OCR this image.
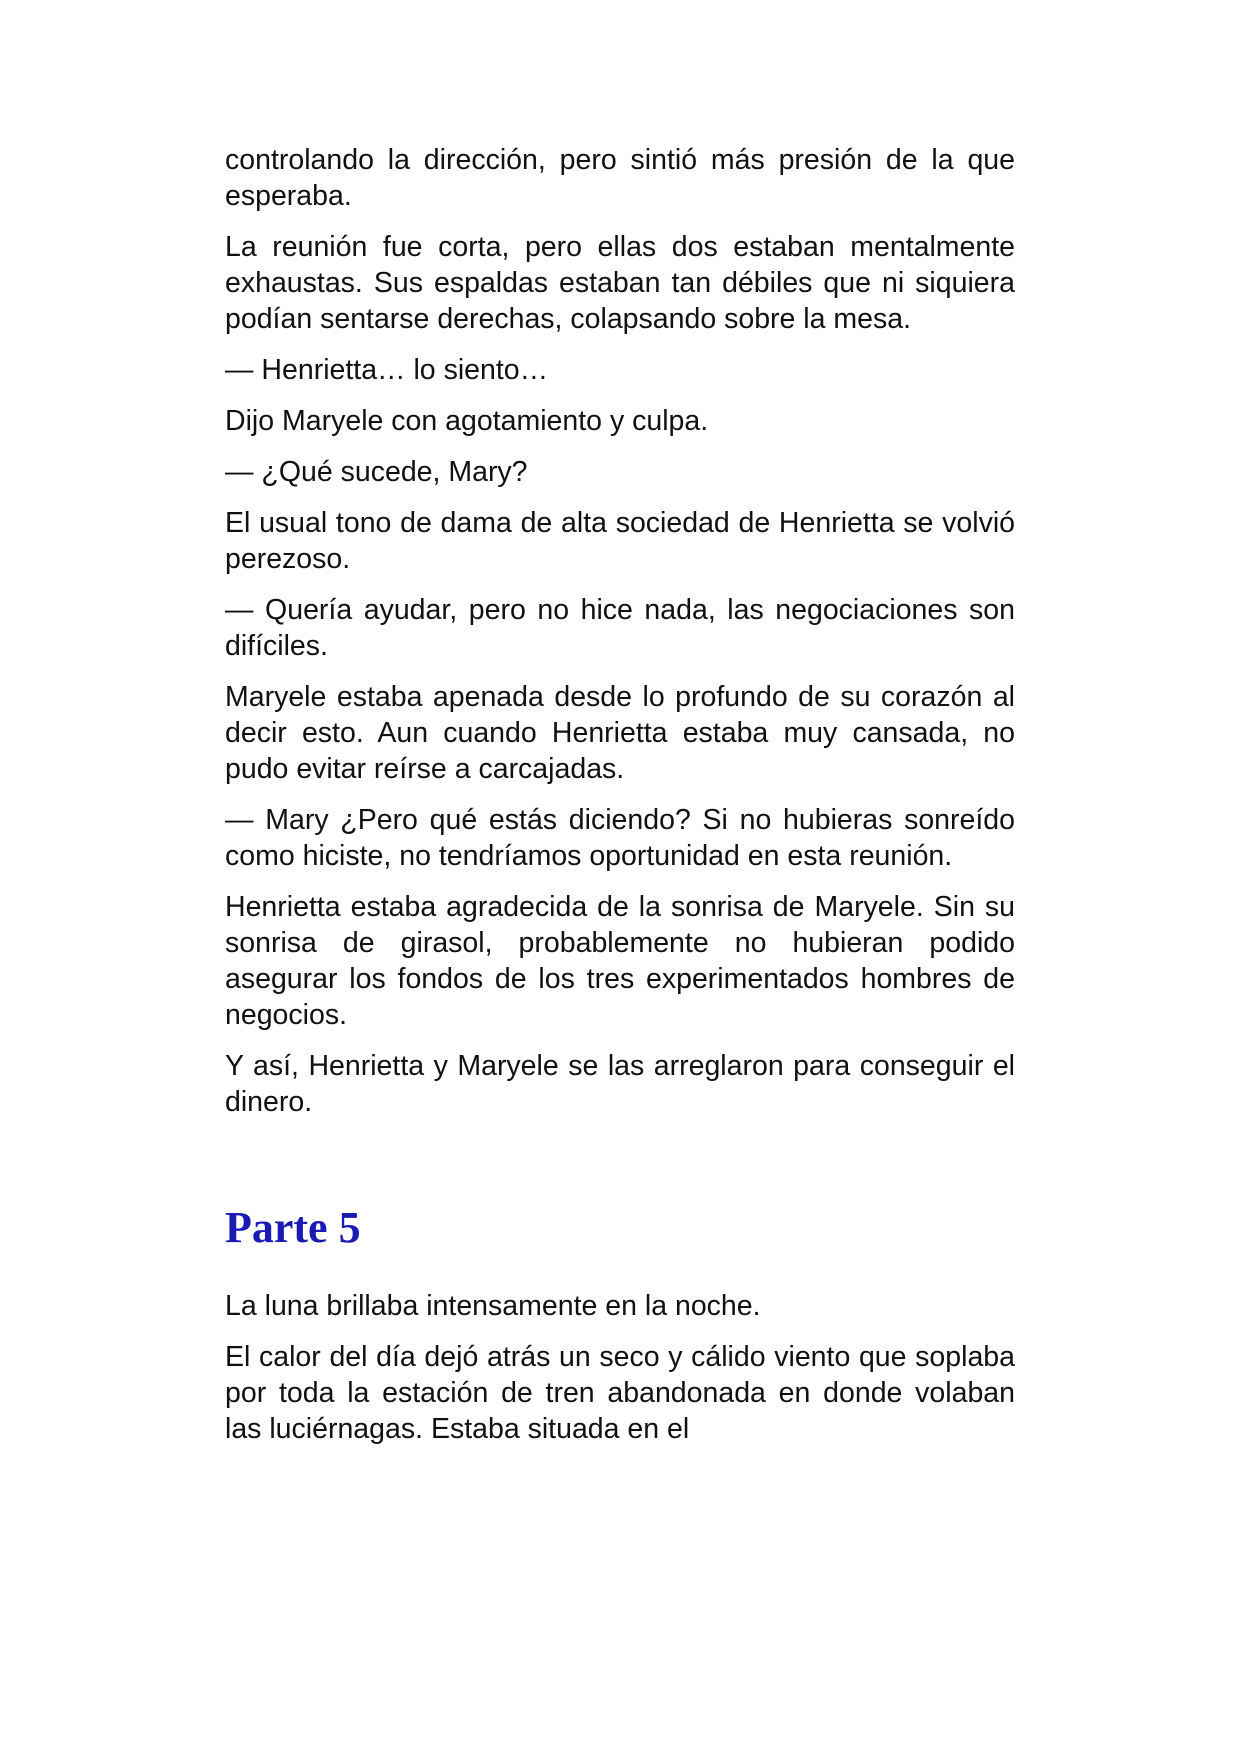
controlando la dirección, pero sintió más presión de la que esperaba.

La reunión fue corta, pero ellas dos estaban mentalmente exhaustas. Sus espaldas estaban tan débiles que ni siquiera podían sentarse derechas, colapsando sobre la mesa.

— Henrietta… lo siento…

Dijo Maryele con agotamiento y culpa.

— ¿Qué sucede, Mary?

El usual tono de dama de alta sociedad de Henrietta se volvió perezoso.

— Quería ayudar, pero no hice nada, las negociaciones son difíciles.

Maryele estaba apenada desde lo profundo de su corazón al decir esto. Aun cuando Henrietta estaba muy cansada, no pudo evitar reírse a carcajadas.

— Mary ¿Pero qué estás diciendo? Si no hubieras sonreído como hiciste, no tendríamos oportunidad en esta reunión.

Henrietta estaba agradecida de la sonrisa de Maryele. Sin su sonrisa de girasol, probablemente no hubieran podido asegurar los fondos de los tres experimentados hombres de negocios.

Y así, Henrietta y Maryele se las arreglaron para conseguir el dinero.

Parte 5

La luna brillaba intensamente en la noche.

El calor del día dejó atrás un seco y cálido viento que soplaba por toda la estación de tren abandonada en donde volaban las luciérnagas. Estaba situada en el
